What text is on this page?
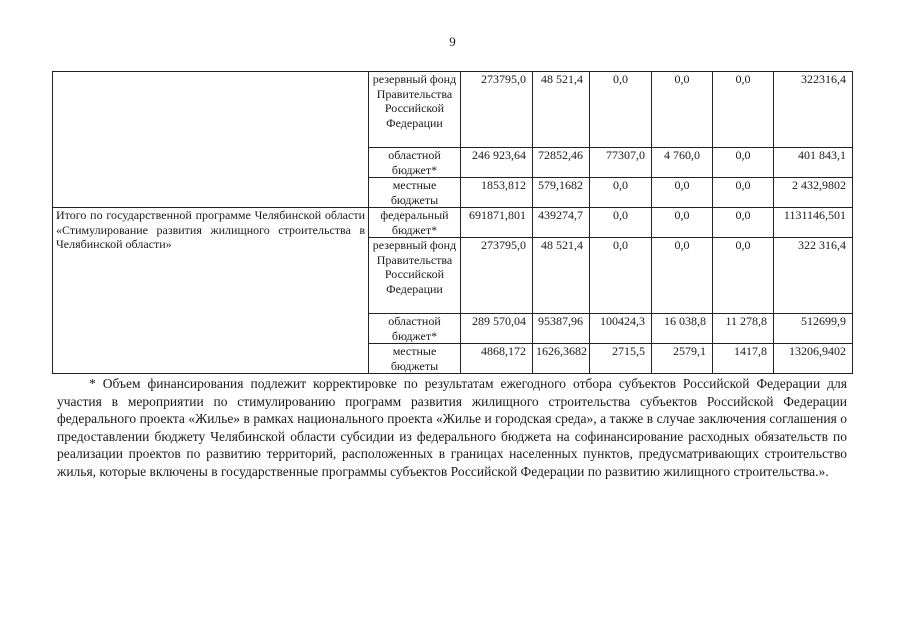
9
	резервный фонд Правительства Российской Федерации	273795,0	48 521,4	0,0	0,0	0,0	322316,4
	областной бюджет*	246 923,64	72852,46	77307,0	4 760,0	0,0	401 843,1
	местные бюджеты	1853,812	579,1682	0,0	0,0	0,0	2 432,9802
Итого по государственной программе Челябинской области «Стимулирование развития жилищного строительства в Челябинской области»	федеральный бюджет*	691871,801	439274,7	0,0	0,0	0,0	1131146,501
	резервный фонд Правительства Российской Федерации	273795,0	48 521,4	0,0	0,0	0,0	322 316,4
	областной бюджет*	289 570,04	95387,96	100424,3	16 038,8	11 278,8	512699,9
	местные бюджеты	4868,172	1626,3682	2715,5	2579,1	1417,8	13206,9402

* Объем финансирования подлежит корректировке по результатам ежегодного отбора субъектов Российской Федерации для участия в мероприятии по стимулированию программ развития жилищного строительства субъектов Российской Федерации федерального проекта «Жилье» в рамках национального проекта «Жилье и городская среда», а также в случае заключения соглашения о предоставлении бюджету Челябинской области субсидии из федерального бюджета на софинансирование расходных обязательств по реализации проектов по развитию территорий, расположенных в границах населенных пунктов, предусматривающих строительство жилья, которые включены в государственные программы субъектов Российской Федерации по развитию жилищного строительства.».
